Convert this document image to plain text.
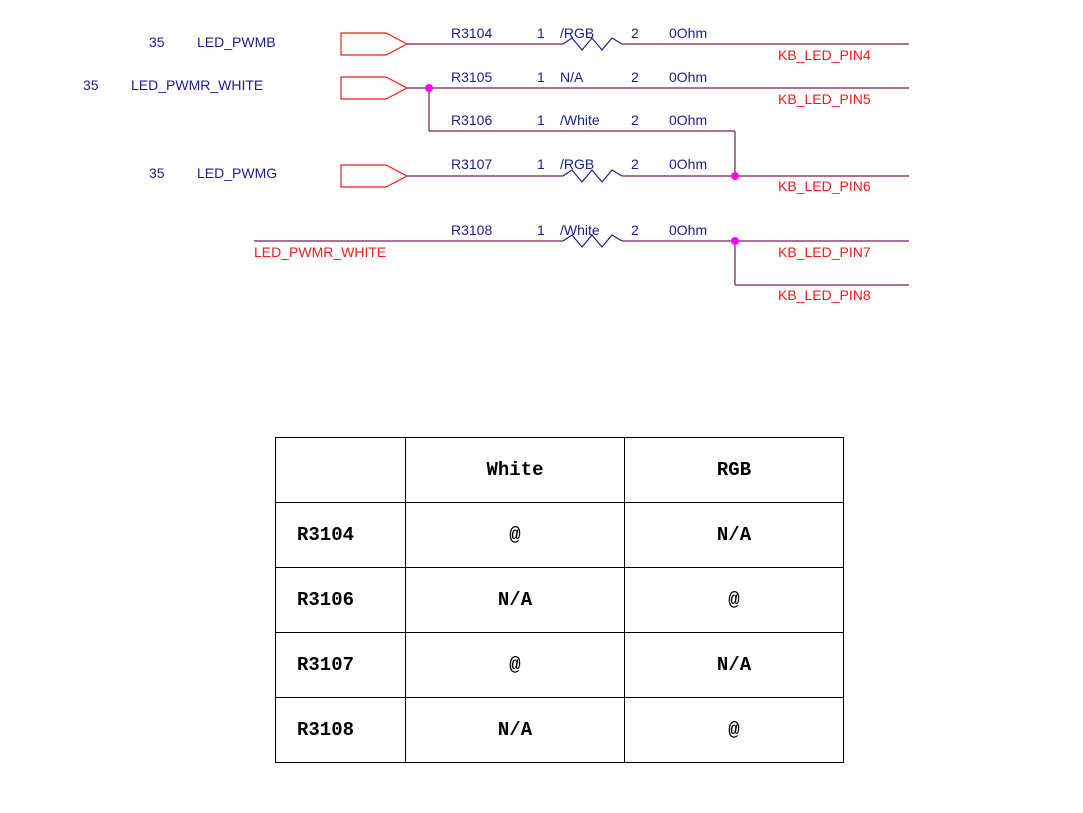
35 LED_PWMB
35 LED_PWMR_WHITE
35 LED_PWMG
R3104	1 /RGB	2 0Ohm
R3105	1 N/A	2 0Ohm
R3106	1 /White 2 0Ohm
R3107	1 /RGB	2 0Ohm
R3108	1 /White 2 0Ohm
LED_PWMR_WHITE
KB_LED_PIN4
KB_LED_PIN5
KB_LED_PIN6
KB_LED_PIN7
KB_LED_PIN8
	White	RGB
R3104	@	N/A
R3106	N/A	@
R3107	@	N/A
R3108	N/A	@
